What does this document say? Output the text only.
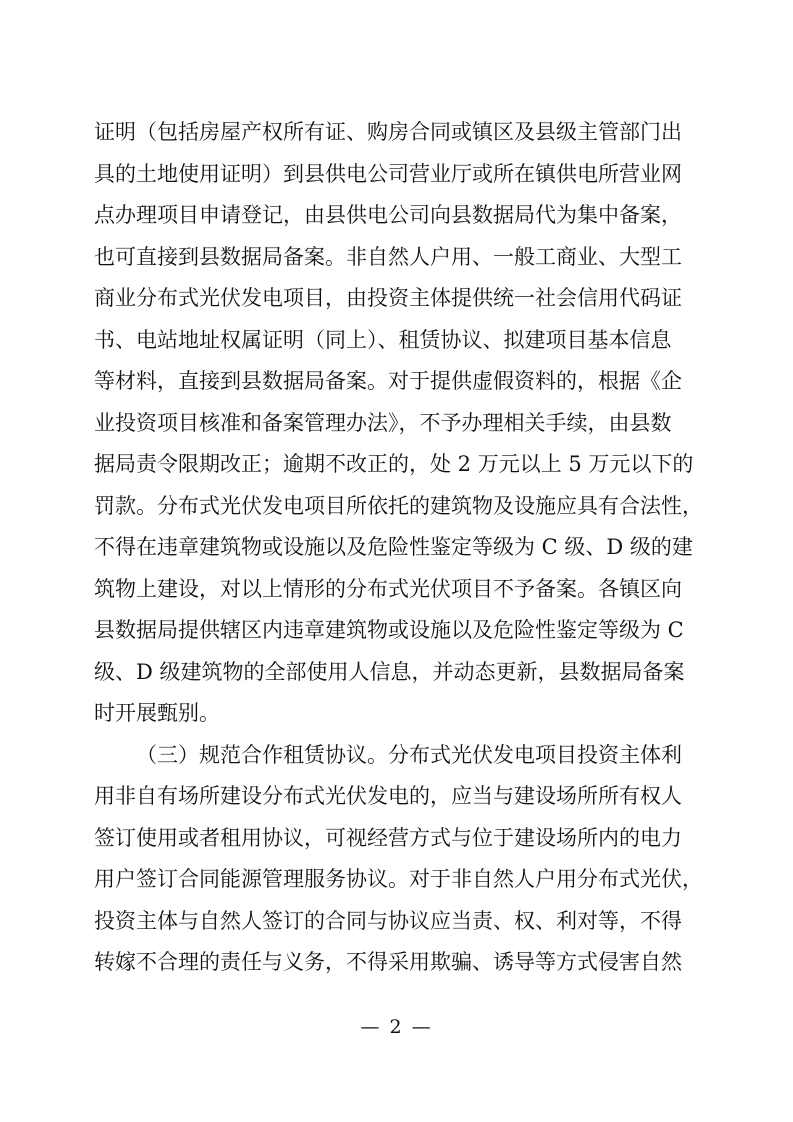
证明（包括房屋产权所有证、购房合同或镇区及县级主管部门出
具的土地使用证明）到县供电公司营业厅或所在镇供电所营业网
点办理项目申请登记，由县供电公司向县数据局代为集中备案，
也可直接到县数据局备案。非自然人户用、一般工商业、大型工
商业分布式光伏发电项目，由投资主体提供统一社会信用代码证
书、电站地址权属证明（同上）、租赁协议、拟建项目基本信息
等材料，直接到县数据局备案。对于提供虚假资料的，根据《企
业投资项目核准和备案管理办法》，不予办理相关手续，由县数
据局责令限期改正；逾期不改正的，处 2 万元以上 5 万元以下的
罚款。分布式光伏发电项目所依托的建筑物及设施应具有合法性，
不得在违章建筑物或设施以及危险性鉴定等级为 C 级、D 级的建
筑物上建设，对以上情形的分布式光伏项目不予备案。各镇区向
县数据局提供辖区内违章建筑物或设施以及危险性鉴定等级为 C
级、D 级建筑物的全部使用人信息，并动态更新，县数据局备案
时开展甄别。
（三）规范合作租赁协议。分布式光伏发电项目投资主体利
用非自有场所建设分布式光伏发电的，应当与建设场所所有权人
签订使用或者租用协议，可视经营方式与位于建设场所内的电力
用户签订合同能源管理服务协议。对于非自然人户用分布式光伏，
投资主体与自然人签订的合同与协议应当责、权、利对等，不得
转嫁不合理的责任与义务，不得采用欺骗、诱导等方式侵害自然
— 2 —
